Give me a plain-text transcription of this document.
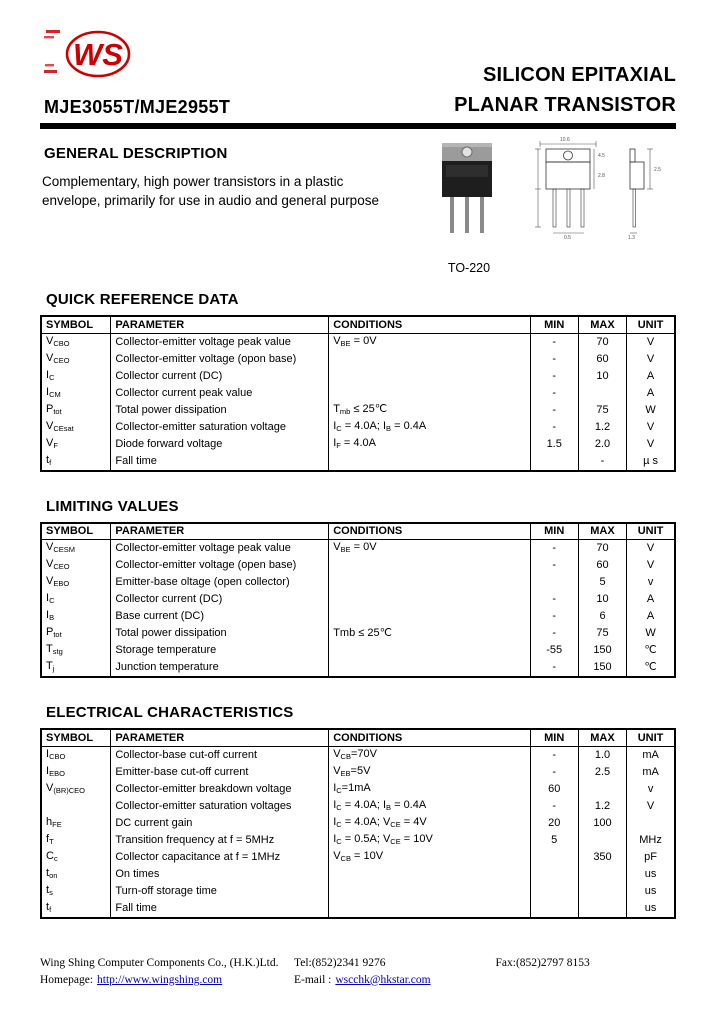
WS
MJE3055T/MJE2955T
SILICON EPITAXIAL
PLANAR TRANSISTOR
GENERAL DESCRIPTION

Complementary, high power transistors in a plastic envelope, primarily for use in audio and general purpose

10.6
4.5
2.8
0.5
2.5
1.3
TO-220
QUICK REFERENCE DATA
SYMBOL	PARAMETER	CONDITIONS	MIN	MAX	UNIT
$V_{CBO}$	Collector-emitter voltage peak value	$V_{BE} = 0V$	-	70	V
$V_{CEO}$	Collector-emitter voltage (opon base)		-	60	V
$I_C$	Collector current (DC)		-	10	A
$I_{CM}$	Collector current peak value		-		A
$P_{tot}$	Total power dissipation	$T_{mb}$ ≤ 25℃	-	75	W
$V_{CEsat}$	Collector-emitter saturation voltage	$I_C = 4.0A$; $I_B = 0.4A$	-	1.2	V
$V_F$	Diode forward voltage	$I_F = 4.0A$	1.5	2.0	V
$t_f$	Fall time			-	µ s
LIMITING VALUES
SYMBOL	PARAMETER	CONDITIONS	MIN	MAX	UNIT
$V_{CESM}$	Collector-emitter voltage peak value	$V_{BE} = 0V$	-	70	V
$V_{CEO}$	Collector-emitter voltage (open base)		-	60	V
$V_{EBO}$	Emitter-base oltage (open collector)			5	v
$I_C$	Collector current (DC)		-	10	A
$I_B$	Base current (DC)		-	6	A
$P_{tot}$	Total power dissipation	Tmb ≤ 25℃	-	75	W
$T_{stg}$	Storage temperature		-55	150	℃
$T_j$	Junction temperature		-	150	℃
ELECTRICAL CHARACTERISTICS
SYMBOL	PARAMETER	CONDITIONS	MIN	MAX	UNIT
$I_{CBO}$	Collector-base cut-off current	$V_{CB}=70V$	-	1.0	mA
$I_{EBO}$	Emitter-base cut-off current	$V_{EB}=5V$	-	2.5	mA
$V_{(BR)CEO}$	Collector-emitter breakdown voltage	$I_C=1mA$	60		v
	Collector-emitter saturation voltages	$I_C = 4.0A$; $I_B = 0.4A$	-	1.2	V
$h_{FE}$	DC current gain	$I_C = 4.0A$; $V_{CE} = 4V$	20	100	
$f_T$	Transition frequency at f = 5MHz	$I_C = 0.5A$; $V_{CE} = 10V$	5		MHz
$C_c$	Collector capacitance at f = 1MHz	$V_{CB} = 10V$		350	pF
$t_{on}$	On times				us
$t_s$	Turn-off storage time				us
$t_f$	Fall time				us
Wing Shing Computer Components Co., (H.K.)Ltd. Tel:(852)2341 9276	Fax:(852)2797 8153
Homepage: http://www.wingshing.com	E-mail : wscchk@hkstar.com
